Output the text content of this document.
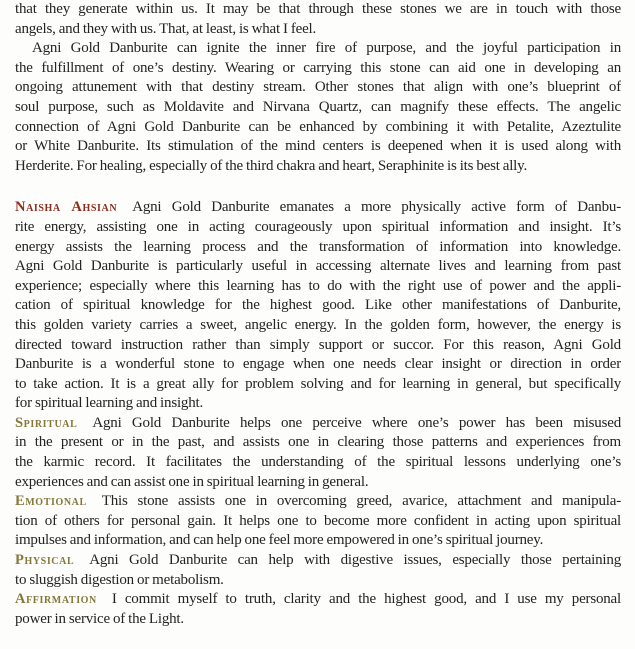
that they generate within us. It may be that through these stones we are in touch with those
angels, and they with us. That, at least, is what I feel.

Agni Gold Danburite can ignite the inner fire of purpose, and the joyful participation in
the fulfillment of one’s destiny. Wearing or carrying this stone can aid one in developing an
ongoing attunement with that destiny stream. Other stones that align with one’s blueprint of
soul purpose, such as Moldavite and Nirvana Quartz, can magnify these effects. The angelic
connection of Agni Gold Danburite can be enhanced by combining it with Petalite, Azeztulite
or White Danburite. Its stimulation of the mind centers is deepened when it is used along with
Herderite. For healing, especially of the third chakra and heart, Seraphinite is its best ally.

Naisha Ahsian Agni Gold Danburite emanates a more physically active form of Danbu-
rite energy, assisting one in acting courageously upon spiritual information and insight. It’s
energy assists the learning process and the transformation of information into knowledge.
Agni Gold Danburite is particularly useful in accessing alternate lives and learning from past
experience; especially where this learning has to do with the right use of power and the appli-
cation of spiritual knowledge for the highest good. Like other manifestations of Danburite,
this golden variety carries a sweet, angelic energy. In the golden form, however, the energy is
directed toward instruction rather than simply support or succor. For this reason, Agni Gold
Danburite is a wonderful stone to engage when one needs clear insight or direction in order
to take action. It is a great ally for problem solving and for learning in general, but specifically
for spiritual learning and insight.

Spiritual Agni Gold Danburite helps one perceive where one’s power has been misused
in the present or in the past, and assists one in clearing those patterns and experiences from
the karmic record. It facilitates the understanding of the spiritual lessons underlying one’s
experiences and can assist one in spiritual learning in general.

Emotional This stone assists one in overcoming greed, avarice, attachment and manipula-
tion of others for personal gain. It helps one to become more confident in acting upon spiritual
impulses and information, and can help one feel more empowered in one’s spiritual journey.

Physical Agni Gold Danburite can help with digestive issues, especially those pertaining
to sluggish digestion or metabolism.

Affirmation I commit myself to truth, clarity and the highest good, and I use my personal
power in service of the Light.
